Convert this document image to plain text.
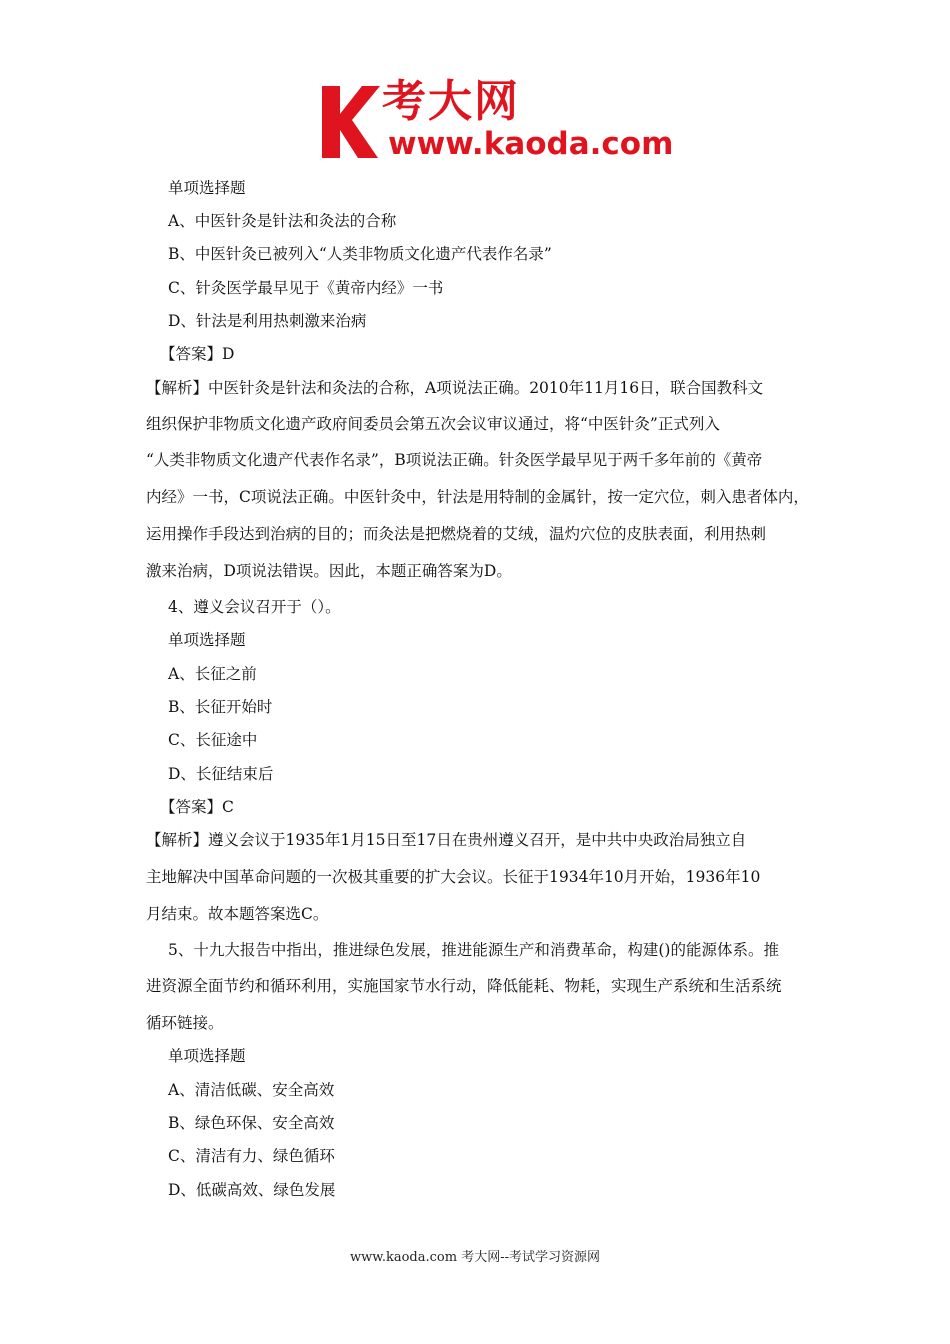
考大网
www.kaoda.com
单项选择题
A、中医针灸是针法和灸法的合称
B、中医针灸已被列入“人类非物质文化遗产代表作名录”
C、针灸医学最早见于《黄帝内经》一书
D、针法是利用热刺激来治病
【答案】D
【解析】中医针灸是针法和灸法的合称，A项说法正确。2010年11月16日，联合国教科文
组织保护非物质文化遗产政府间委员会第五次会议审议通过，将“中医针灸”正式列入
“人类非物质文化遗产代表作名录”，B项说法正确。针灸医学最早见于两千多年前的《黄帝
内经》一书，C项说法正确。中医针灸中，针法是用特制的金属针，按一定穴位，刺入患者体内，
运用操作手段达到治病的目的；而灸法是把燃烧着的艾绒，温灼穴位的皮肤表面，利用热刺
激来治病，D项说法错误。因此，本题正确答案为D。
4、遵义会议召开于（）。
单项选择题
A、长征之前
B、长征开始时
C、长征途中
D、长征结束后
【答案】C
【解析】遵义会议于1935年1月15日至17日在贵州遵义召开，是中共中央政治局独立自
主地解决中国革命问题的一次极其重要的扩大会议。长征于1934年10月开始，1936年10
月结束。故本题答案选C。
5、十九大报告中指出，推进绿色发展，推进能源生产和消费革命，构建()的能源体系。推
进资源全面节约和循环利用，实施国家节水行动，降低能耗、物耗，实现生产系统和生活系统
循环链接。
单项选择题
A、清洁低碳、安全高效
B、绿色环保、安全高效
C、清洁有力、绿色循环
D、低碳高效、绿色发展
www.kaoda.com 考大网--考试学习资源网
